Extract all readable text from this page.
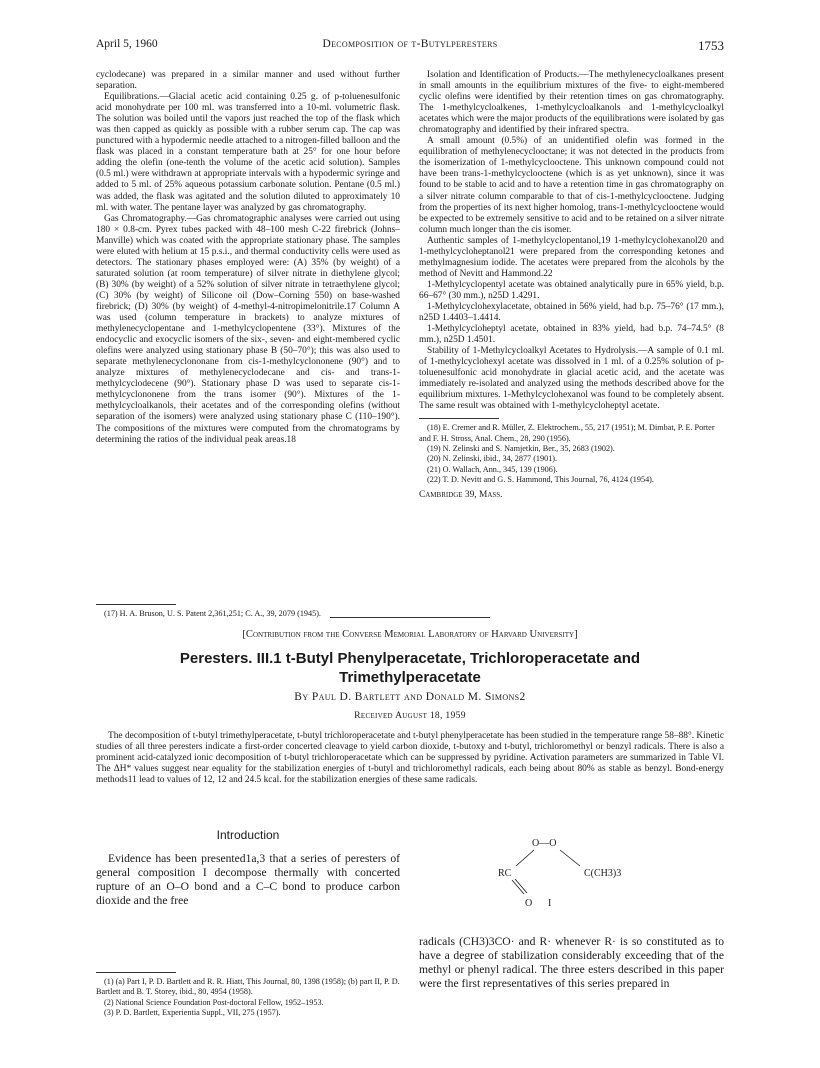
April 5, 1960	Decomposition of t-Butylperesters	1753

cyclodecane) was prepared in a similar manner and used without further separation.

Equilibrations.—Glacial acetic acid containing 0.25 g. of p-toluenesulfonic acid monohydrate per 100 ml. was transferred into a 10-ml. volumetric flask. The solution was boiled until the vapors just reached the top of the flask which was then capped as quickly as possible with a rubber serum cap. The cap was punctured with a hypodermic needle attached to a nitrogen-filled balloon and the flask was placed in a constant temperature bath at 25° for one hour before adding the olefin (one-tenth the volume of the acetic acid solution). Samples (0.5 ml.) were withdrawn at appropriate intervals with a hypodermic syringe and added to 5 ml. of 25% aqueous potassium carbonate solution. Pentane (0.5 ml.) was added, the flask was agitated and the solution diluted to approximately 10 ml. with water. The pentane layer was analyzed by gas chromatography.

Gas Chromatography.—Gas chromatographic analyses were carried out using 180 × 0.8-cm. Pyrex tubes packed with 48–100 mesh C-22 firebrick (Johns–Manville) which was coated with the appropriate stationary phase. The samples were eluted with helium at 15 p.s.i., and thermal conductivity cells were used as detectors. The stationary phases employed were: (A) 35% (by weight) of a saturated solution (at room temperature) of silver nitrate in diethylene glycol; (B) 30% (by weight) of a 52% solution of silver nitrate in tetraethylene glycol; (C) 30% (by weight) of Silicone oil (Dow–Corning 550) on base-washed firebrick; (D) 30% (by weight) of 4-methyl-4-nitropimelonitrile.17 Column A was used (column temperature in brackets) to analyze mixtures of methylenecyclopentane and 1-methylcyclopentene (33°). Mixtures of the endocyclic and exocyclic isomers of the six-, seven- and eight-membered cyclic olefins were analyzed using stationary phase B (50–70°); this was also used to separate methylenecyclononane from cis-1-methylcyclononene (90°) and to analyze mixtures of methylenecyclodecane and cis- and trans-1-methylcyclodecene (90°). Stationary phase D was used to separate cis-1-methylcyclononene from the trans isomer (90°). Mixtures of the 1-methylcycloalkanols, their acetates and of the corresponding olefins (without separation of the isomers) were analyzed using stationary phase C (110–190°). The compositions of the mixtures were computed from the chromatograms by determining the ratios of the individual peak areas.18

(17) H. A. Bruson, U. S. Patent 2,361,251; C. A., 39, 2079 (1945).

Isolation and Identification of Products.—The methylenecycloalkanes present in small amounts in the equilibrium mixtures of the five- to eight-membered cyclic olefins were identified by their retention times on gas chromatography. The 1-methylcycloalkenes, 1-methylcycloalkanols and 1-methylcycloalkyl acetates which were the major products of the equilibrations were isolated by gas chromatography and identified by their infrared spectra.

A small amount (0.5%) of an unidentified olefin was formed in the equilibration of methylenecyclooctane; it was not detected in the products from the isomerization of 1-methylcyclooctene. This unknown compound could not have been trans-1-methylcyclooctene (which is as yet unknown), since it was found to be stable to acid and to have a retention time in gas chromatography on a silver nitrate column comparable to that of cis-1-methylcyclooctene. Judging from the properties of its next higher homolog, trans-1-methylcyclooctene would be expected to be extremely sensitive to acid and to be retained on a silver nitrate column much longer than the cis isomer.

Authentic samples of 1-methylcyclopentanol,19 1-methylcyclohexanol20 and 1-methylcycloheptanol21 were prepared from the corresponding ketones and methylmagnesium iodide. The acetates were prepared from the alcohols by the method of Nevitt and Hammond.22

1-Methylcyclopentyl acetate was obtained analytically pure in 65% yield, b.p. 66–67° (30 mm.), n25D 1.4291.

1-Methylcyclohexylacetate, obtained in 56% yield, had b.p. 75–76° (17 mm.), n25D 1.4403–1.4414.

1-Methylcycloheptyl acetate, obtained in 83% yield, had b.p. 74–74.5° (8 mm.), n25D 1.4501.

Stability of 1-Methylcycloalkyl Acetates to Hydrolysis.—A sample of 0.1 ml. of 1-methylcyclohexyl acetate was dissolved in 1 ml. of a 0.25% solution of p-toluenesulfonic acid monohydrate in glacial acetic acid, and the acetate was immediately re-isolated and analyzed using the methods described above for the equilibrium mixtures. 1-Methylcyclohexanol was found to be completely absent. The same result was obtained with 1-methylcycloheptyl acetate.

(18) E. Cremer and R. Müller, Z. Elektrochem., 55, 217 (1951); M. Dimbat, P. E. Porter and F. H. Stross, Anal. Chem., 28, 290 (1956).

(19) N. Zelinski and S. Namjetkin, Ber., 35, 2683 (1902).

(20) N. Zelinski, ibid., 34, 2877 (1901).

(21) O. Wallach, Ann., 345, 139 (1906).

(22) T. D. Nevitt and G. S. Hammond, This Journal, 76, 4124 (1954).

Cambridge 39, Mass.
[Contribution from the Converse Memorial Laboratory of Harvard University]
Peresters. III.1 t-Butyl Phenylperacetate, Trichloroperacetate and
Trimethylperacetate
By Paul D. Bartlett and Donald M. Simons2
Received August 18, 1959
The decomposition of t-butyl trimethylperacetate, t-butyl trichloroperacetate and t-butyl phenylperacetate has been studied in the temperature range 58–88°. Kinetic studies of all three peresters indicate a first-order concerted cleavage to yield carbon dioxide, t-butoxy and t-butyl, trichloromethyl or benzyl radicals. There is also a prominent acid-catalyzed ionic decomposition of t-butyl trichloroperacetate which can be suppressed by pyridine. Activation parameters are summarized in Table VI. The ΔH* values suggest near equality for the stabilization energies of t-butyl and trichloromethyl radicals, each being about 80% as stable as benzyl. Bond-energy methods11 lead to values of 12, 12 and 24.5 kcal. for the stabilization energies of these same radicals.
Introduction
Evidence has been presented1a,3 that a series of peresters of general composition I decompose thermally with concerted rupture of an O–O bond and a C–C bond to produce carbon dioxide and the free

(1) (a) Part I, P. D. Bartlett and R. R. Hiatt, This Journal, 80, 1398 (1958); (b) part II, P. D. Bartlett and B. T. Storey, ibid., 80, 4954 (1958).

(2) National Science Foundation Post-doctoral Fellow, 1952–1953.

(3) P. D. Bartlett, Experientia Suppl., VII, 275 (1957).

O—O
RC	C(CH3)3
O I
radicals (CH3)3CO· and R· whenever R· is so constituted as to have a degree of stabilization considerably exceeding that of the methyl or phenyl radical. The three esters described in this paper were the first representatives of this series prepared in
